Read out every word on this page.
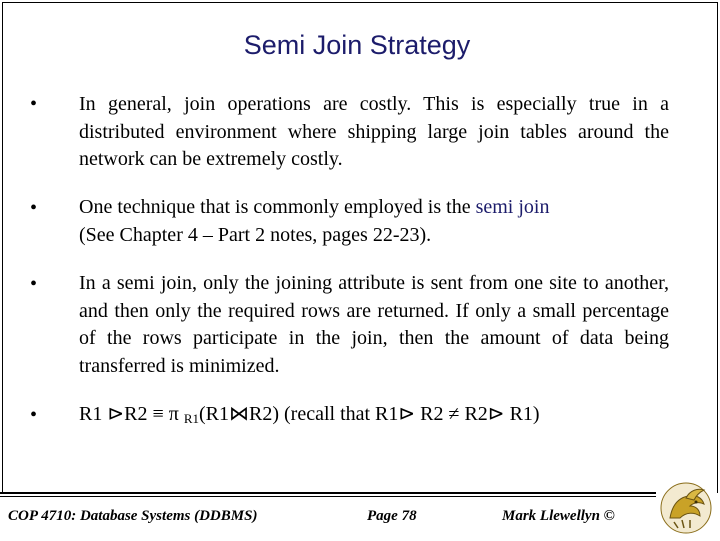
Semi Join Strategy
• In general, join operations are costly. This is especially true in a distributed environment where shipping large join tables around the network can be extremely costly.
• One technique that is commonly employed is the semi join
(See Chapter 4 – Part 2 notes, pages 22-23).
• In a semi join, only the joining attribute is sent from one site to another, and then only the required rows are returned. If only a small percentage of the rows participate in the join, then the amount of data being transferred is minimized.
• R1 ⊳R2 ≡ π $_{R1}$(R1⋈R2) (recall that R1⊳ R2 ≠ R2⊳ R1)
COP 4710: Database Systems (DDBMS)	Page 78	Mark Llewellyn ©
